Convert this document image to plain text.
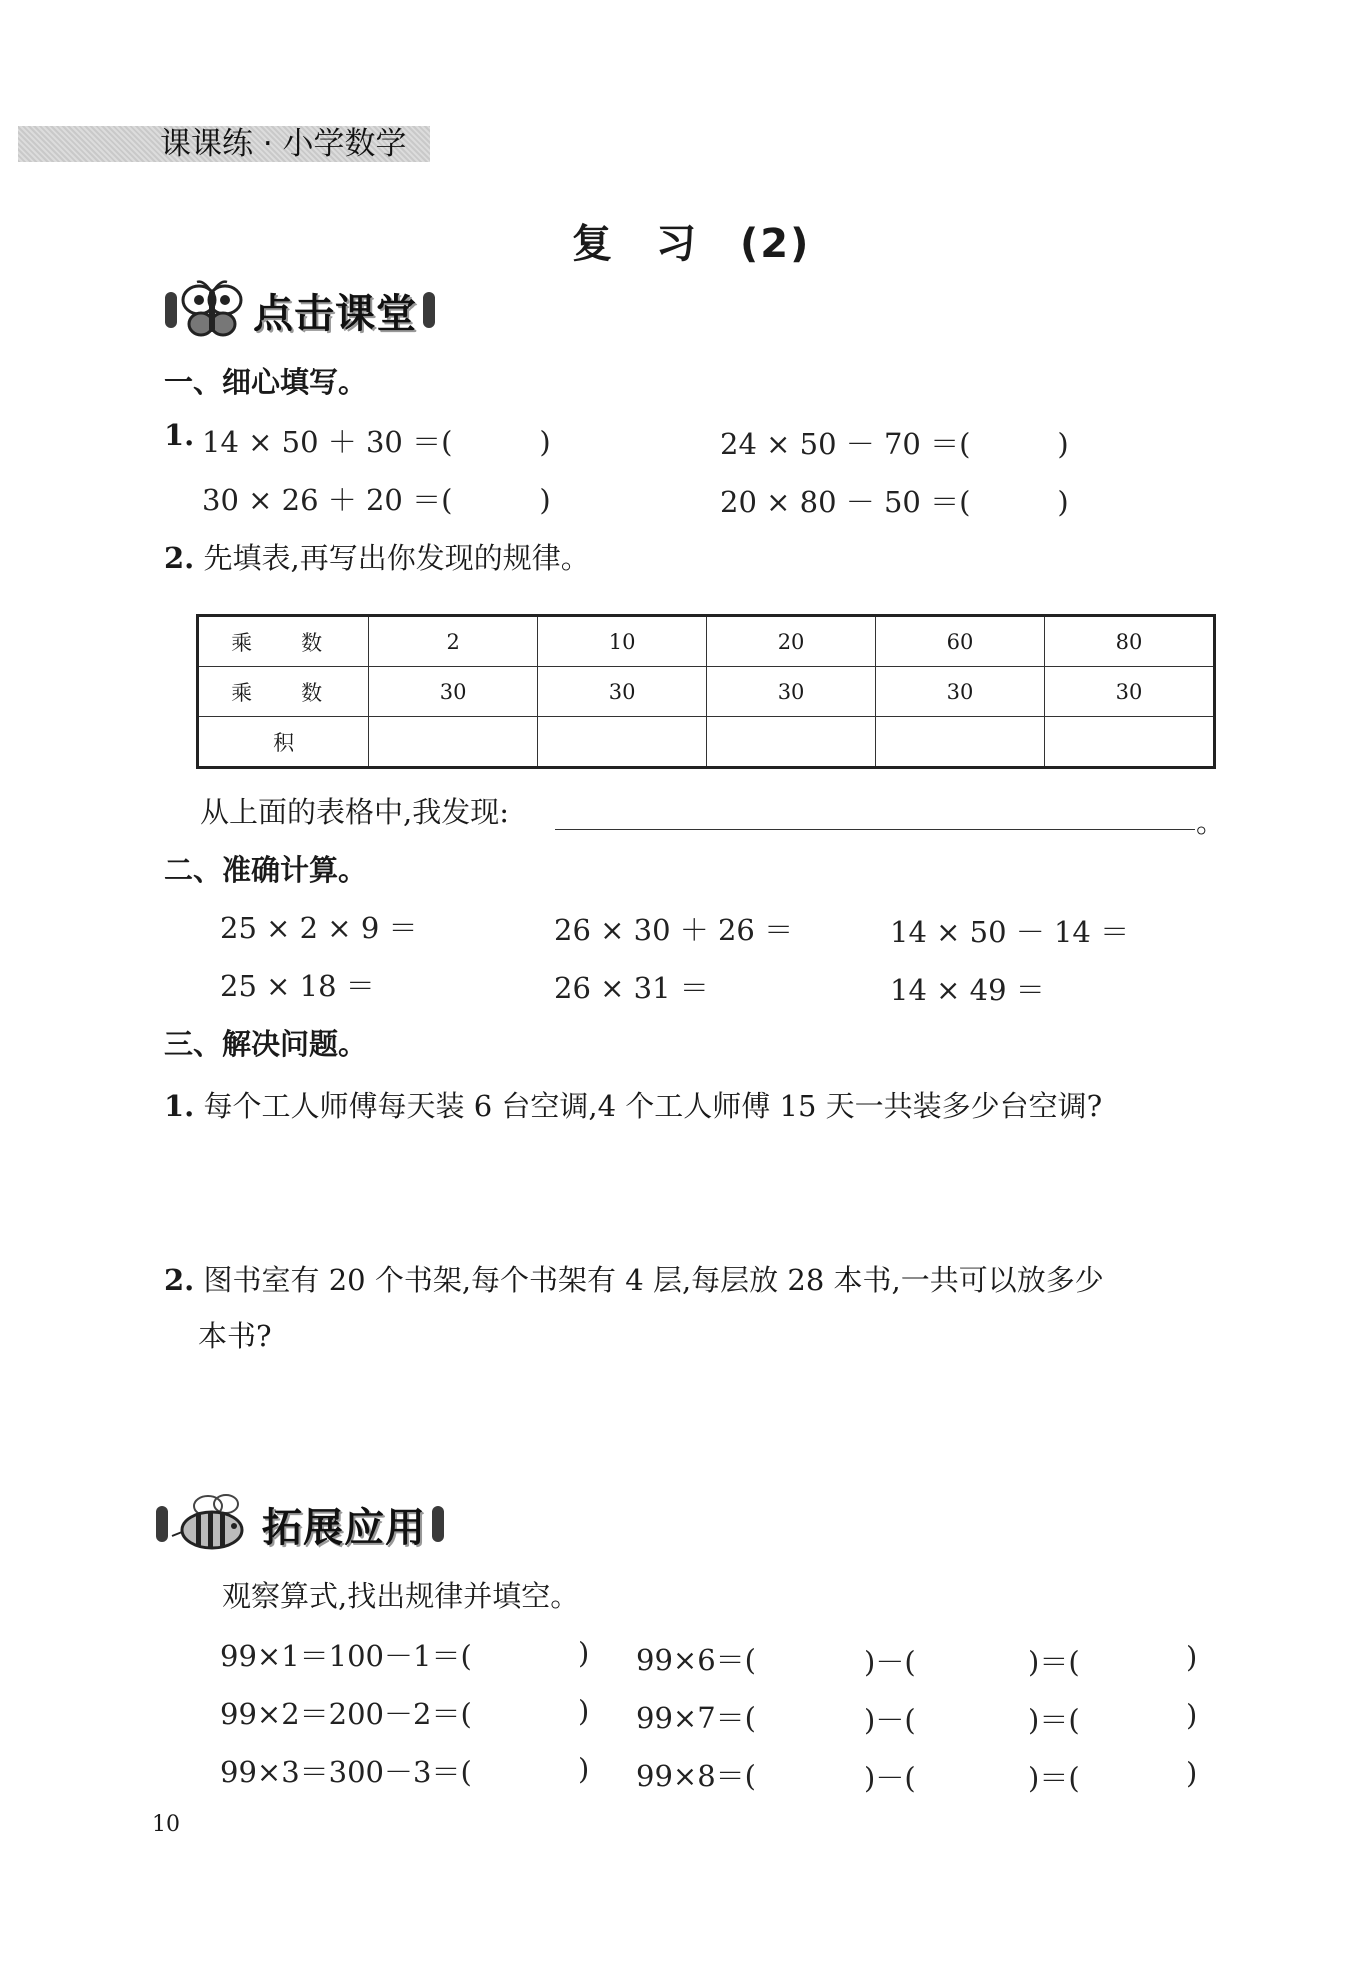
课课练 · 小学数学
复　习　(2)
点击课堂
一、细心填写。
1. 14 × 50 ＋ 30 ＝(　　　)	24 × 50 － 70 ＝(　　　)
30 × 26 ＋ 20 ＝(　　　)	20 × 80 － 50 ＝(　　　)
2. 先填表,再写出你发现的规律。
乘　数	2	10	20	60	80
乘　数	30	30	30	30	30
积					
从上面的表格中,我发现:	。
二、准确计算。
25 × 2 × 9 ＝	26 × 30 ＋ 26 ＝	14 × 50 － 14 ＝
25 × 18 ＝	26 × 31 ＝	14 × 49 ＝
三、解决问题。
1. 每个工人师傅每天装 6 台空调,4 个工人师傅 15 天一共装多少台空调?
2. 图书室有 20 个书架,每个书架有 4 层,每层放 28 本书,一共可以放多少
本书?
拓展应用
观察算式,找出规律并填空。
99×1＝100－1＝(	) 99×6＝(	)－(	)＝(	)
99×2＝200－2＝(	) 99×7＝(	)－(	)＝(	)
99×3＝300－3＝(	) 99×8＝(	)－(	)＝(	)
10
